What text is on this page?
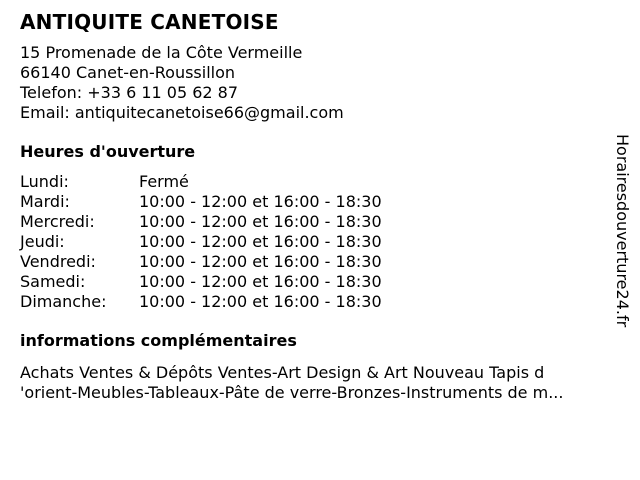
ANTIQUITE CANETOISE
15 Promenade de la Côte Vermeille
66140 Canet-en-Roussillon
Telefon: +33 6 11 05 62 87
Email: antiquitecanetoise66@gmail.com
Heures d'ouverture
Lundi:	Fermé
Mardi:	10:00 - 12:00 et 16:00 - 18:30
Mercredi:	10:00 - 12:00 et 16:00 - 18:30
Jeudi:	10:00 - 12:00 et 16:00 - 18:30
Vendredi:	10:00 - 12:00 et 16:00 - 18:30
Samedi:	10:00 - 12:00 et 16:00 - 18:30
Dimanche:	10:00 - 12:00 et 16:00 - 18:30
informations complémentaires
Achats Ventes & Dépôts Ventes-Art Design & Art Nouveau Tapis d
'orient-Meubles-Tableaux-Pâte de verre-Bronzes-Instruments de m...
Horairesdouverture24.fr
